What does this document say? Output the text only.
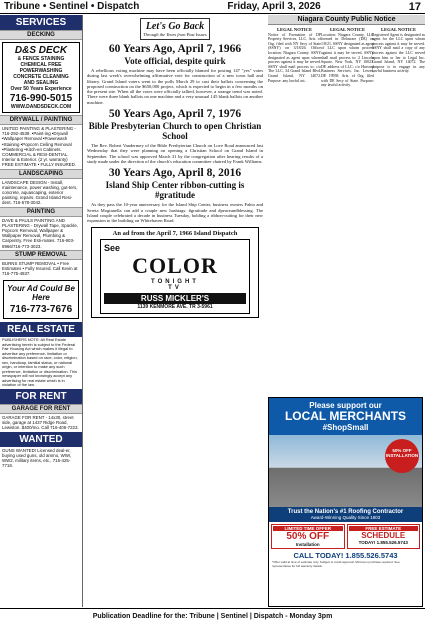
Tribune • Sentinel • Dispatch	Friday, April 3, 2026	17
SERVICES
DECKING
D&S DECK
& FENCE STAINING
CHEMICAL FREE
POWERWASHING
CONCRETE CLEANING
AND SEALING
Over 50 Years Experience
716-990-5015
WWW.DANDSDECK.COM
DRYWALL / PAINTING
UNITED PAINTING & PLASTERING - 716-292-4539. •Paint-ing •Drywall •Wallpaper Removal •Powerwash •Staining •Popcorn Ceiling Removal •Plastering •Kitch-en Cabinets. COMMERCIAL & RESI-DENTIAL. Interior & Exterior. (2 yr. warranty) FREE ESTIMATE • FULLY INSURED.
LANDSCAPING
LANDSCAPE DESIGN - Install, maintenance, power washing, gut-ters, concrete, aquascaping, exterior painting, repairs. Grand Island Resi-dent. 716-578-3042.
PAINTING
DAVE & PAULS PAINTING AND PLASTERING - Drywall Tape, Spackle, Popcorn Removal, Wallpaper & Wallpaper Removal, Plumbing & Carpentry. Free Esti-mates. 716-903-8966/716-773-3023.
STUMP REMOVAL
BURNS STUMP REMOVAL • Free Estimates • Fully Insured. Call Kevin at 716-775-4937.
Your Ad Could Be Here
716-773-7676
REAL ESTATE
PUBLISHERS NOTE: All Real Estate advertising herein is subject to the Federal Fair Housing Act which makes it illegal to advertise any preference, limitation or discrimination based on race, color, religion, sex, handicap, familial status, or national origin, or intention to make any such preference, limitation or discrimination. This newspaper will not knowingly accept any advertising for real estate which is in violation of the law.
FOR RENT
GARAGE FOR RENT
GARAGE FOR RENT - 14x30, street side, garage at 1437 Ridge Road, Lewiston. $400/mo. Call 716-405-7223.
WANTED
GUNS WANTED! Licensed deal-er, buying used guns, old ammo, WWI, WW2, military items, etc., 716-425-7718.
Let's Go Back
Through the Years from Past Issues
60 Years Ago, April 7, 1966
Vote official, despite quirk

A rebellious voting machine may have been officially blamed for posting 147 "yes" votes during last week's overwhelming affirmative vote for construction of a new town hall and library. Grand Island voters went to the polls March 29 to cast their ballots concerning the proposed construction on the $650,000 project, which is expected to begin in a few months on the present site. When all the votes were officially tallied, however, a strange trend was noted. There were three blank ballots on one machine and a very unusual 145 blank ballots on another machine.

50 Years Ago, April 7, 1976
Bible Presbyterian Church to open Christian School

The Rev. Robert Vandermey of the Bible Presbyterian Church on Love Road announced last Wednesday that they were planning on opening a Christian School on Grand Island in September. The school was approved March 31 by the congregation after hearing results of a study made under the direction of the church's education committee chaired by Frank Williams.

30 Years Ago, April 8, 2016
Island Ship Center ribbon-cutting is #gratitude

As they pass the 10-year anniversary for the Island Ship Center, business owners Fabio and Sereta Mogianella can add a couple new hashtags: #gratitude and #peaceandblessing. The Island couple celebrated a decade in business Tuesday, holding a ribbon-cutting for their new expansion to the building on Whitehaven Road.

An ad from the April 7, 1966 Island Dispatch
See
COLOR
TONIGHT
TV
RUSS MICKLER'S
1139 KENMORE AVE. TR 3-5961
Niagara County Public Notice
LEGAL NOTICE

Notice of Formation of DP Property Services, LLC. Arts. of Org. filed with NY Secy of State (SSNY) on 3/18/26. Office location: Niagara County. SSNY designated as agent upon whom process against it may be served. SSNY shall mail process to: c/o The LLC, 34 Grand Island Blvd, Grand Island, NY 14072. Purpose: any lawful act.

LEGAL NOTICE

Location: Niagara County, LLC formed in Delaware (DE) on 1/8/21. SSNY designated as agent of LLC upon whom process against it may be served. SSNY shall mail process to: 2 Lincoln Square, New York, NY 10023. DE address of LLC: c/o Harvard Business Services, Inc. Lewes, DE 19958. Arts. of Org. filed with DE Secy of State. Purpose: any lawful activity.

LEGAL NOTICE

Registered Agent is designated as agent for the LLC upon whom process against it may be served. SSNY shall mail a copy of any process against the LLC served upon him or her to Legal Inc. Grand Island, NY 14072. The purpose is to engage in any lawful business activity.

Please support our
LOCAL MERCHANTS
#ShopSmall
50% OFF INSTALLATION
Trust the Nation's #1 Roofing Contractor
Award-Winning Quality Since 1903
LIMITED TIME OFFER
50% OFF
Installation
FREE ESTIMATE
SCHEDULE
TODAY! 1.855.526.5743
CALL TODAY! 1.855.526.5743
*Offer valid at time of estimate only. Subject to credit approval. Minimum purchase required. See representative for full warranty details.
Publication Deadline for the: Tribune | Sentinel | Dispatch - Monday 3pm
